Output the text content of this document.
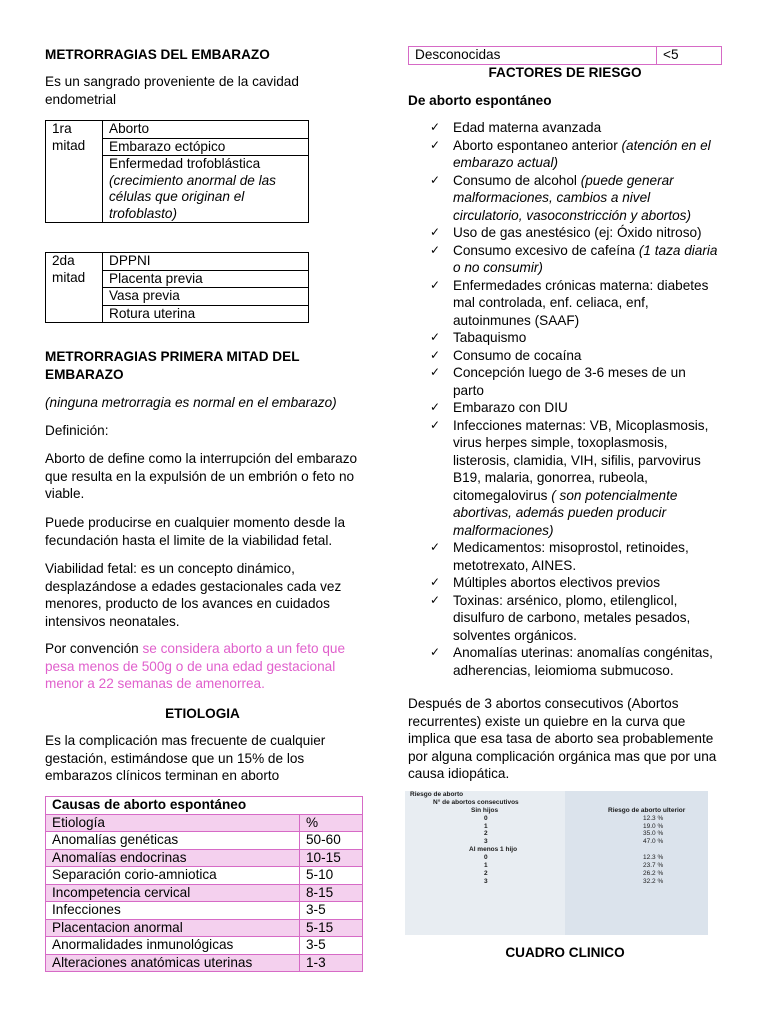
METRORRAGIAS DEL EMBARAZO

Es un sangrado proveniente de la cavidad endometrial

1ra mitad	Aborto
Embarazo ectópico
Enfermedad trofoblástica
(crecimiento anormal de las células que originan el trofoblasto)
2da mitad	DPPNI
Placenta previa
Vasa previa
Rotura uterina

METRORRAGIAS PRIMERA MITAD DEL EMBARAZO

(ninguna metrorragia es normal en el embarazo)

Definición:

Aborto de define como la interrupción del embarazo que resulta en la expulsión de un embrión o feto no viable.

Puede producirse en cualquier momento desde la fecundación hasta el limite de la viabilidad fetal.

Viabilidad fetal: es un concepto dinámico, desplazándose a edades gestacionales cada vez menores, producto de los avances en cuidados intensivos neonatales.

Por convención se considera aborto a un feto que pesa menos de 500g o de una edad gestacional menor a 22 semanas de amenorrea.

ETIOLOGIA

Es la complicación mas frecuente de cualquier gestación, estimándose que un 15% de los embarazos clínicos terminan en aborto

Causas de aborto espontáneo	
Etiología	%
Anomalías genéticas	50-60
Anomalías endocrinas	10-15
Separación corio-amniotica	5-10
Incompetencia cervical	8-15
Infecciones	3-5
Placentacion anormal	5-15
Anormalidades inmunológicas	3-5
Alteraciones anatómicas uterinas	1-3
Desconocidas	<5
FACTORES DE RIESGO
De aborto espontáneo
✓ Edad materna avanzada
✓ Aborto espontaneo anterior (atención en el embarazo actual)
✓ Consumo de alcohol (puede generar malformaciones, cambios a nivel circulatorio, vasoconstricción y abortos)
✓ Uso de gas anestésico (ej: Óxido nitroso)
✓ Consumo excesivo de cafeína (1 taza diaria o no consumir)
✓ Enfermedades crónicas materna: diabetes mal controlada, enf. celiaca, enf, autoinmunes (SAAF)
✓ Tabaquismo
✓ Consumo de cocaína
✓ Concepción luego de 3-6 meses de un parto
✓ Embarazo con DIU
✓ Infecciones maternas: VB, Micoplasmosis, virus herpes simple, toxoplasmosis, listerosis, clamidia, VIH, sifilis, parvovirus B19, malaria, gonorrea, rubeola, citomegalovirus ( son potencialmente abortivas, además pueden producir malformaciones)
✓ Medicamentos: misoprostol, retinoides, metotrexato, AINES.
✓ Múltiples abortos electivos previos
✓ Toxinas: arsénico, plomo, etilenglicol, disulfuro de carbono, metales pesados, solventes orgánicos.
✓ Anomalías uterinas: anomalías congénitas, adherencias, leiomioma submucoso.

Después de 3 abortos consecutivos (Abortos recurrentes) existe un quiebre en la curva que implica que esa tasa de aborto sea probablemente por alguna complicación orgánica mas que por una causa idiopática.

Riesgo de aborto
N° de abortos consecutivos
Sin hijos	Riesgo de aborto ulterior
0	12.3 %
1	19.0 %
2	35.0 %
3	47.0 %
Al menos 1 hijo
0	12.3 %
1	23.7 %
2	26.2 %
3	32.2 %
CUADRO CLINICO
